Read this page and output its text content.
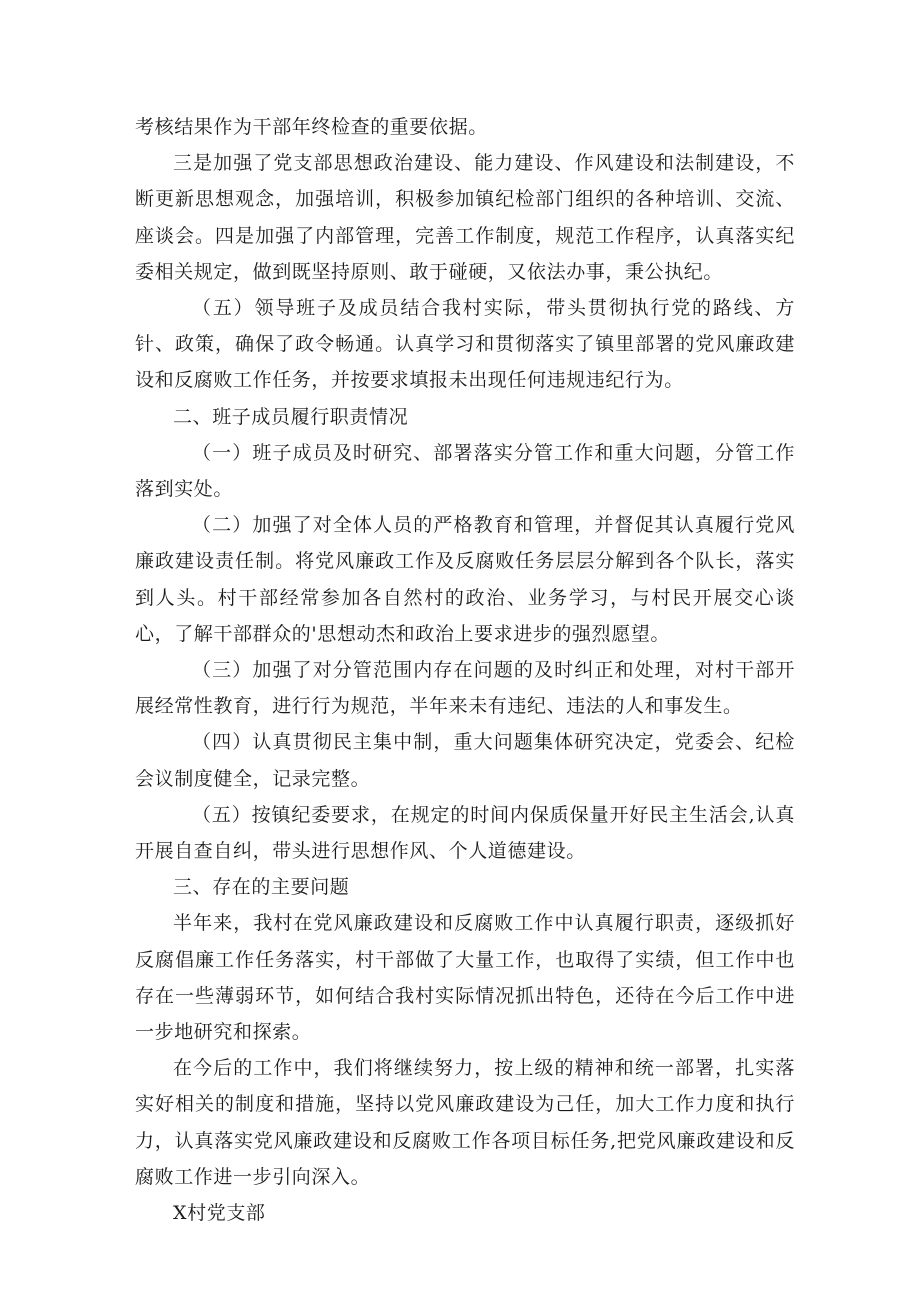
考核结果作为干部年终检查的重要依据。

三是加强了党支部思想政治建设、能力建设、作风建设和法制建设，不断更新思想观念，加强培训，积极参加镇纪检部门组织的各种培训、交流、座谈会。四是加强了内部管理，完善工作制度，规范工作程序，认真落实纪委相关规定，做到既坚持原则、敢于碰硬，又依法办事，秉公执纪。

（五）领导班子及成员结合我村实际，带头贯彻执行党的路线、方针、政策，确保了政令畅通。认真学习和贯彻落实了镇里部署的党风廉政建设和反腐败工作任务，并按要求填报未出现任何违规违纪行为。

二、班子成员履行职责情况

（一）班子成员及时研究、部署落实分管工作和重大问题，分管工作落到实处。

（二）加强了对全体人员的严格教育和管理，并督促其认真履行党风廉政建设责任制。将党风廉政工作及反腐败任务层层分解到各个队长，落实到人头。村干部经常参加各自然村的政治、业务学习，与村民开展交心谈心，了解干部群众的'思想动杰和政治上要求进步的强烈愿望。

（三）加强了对分管范围内存在问题的及时纠正和处理，对村干部开展经常性教育，进行行为规范，半年来未有违纪、违法的人和事发生。

（四）认真贯彻民主集中制，重大问题集体研究决定，党委会、纪检会议制度健全，记录完整。

（五）按镇纪委要求，在规定的时间内保质保量开好民主生活会,认真开展自查自纠，带头进行思想作风、个人道德建设。

三、存在的主要问题

半年来，我村在党风廉政建设和反腐败工作中认真履行职责，逐级抓好反腐倡廉工作任务落实，村干部做了大量工作，也取得了实绩，但工作中也存在一些薄弱环节，如何结合我村实际情况抓出特色，还待在今后工作中进一步地研究和探索。

在今后的工作中，我们将继续努力，按上级的精神和统一部署，扎实落实好相关的制度和措施，坚持以党风廉政建设为己任，加大工作力度和执行力，认真落实党风廉政建设和反腐败工作各项目标任务,把党风廉政建设和反腐败工作进一步引向深入。

X村党支部
